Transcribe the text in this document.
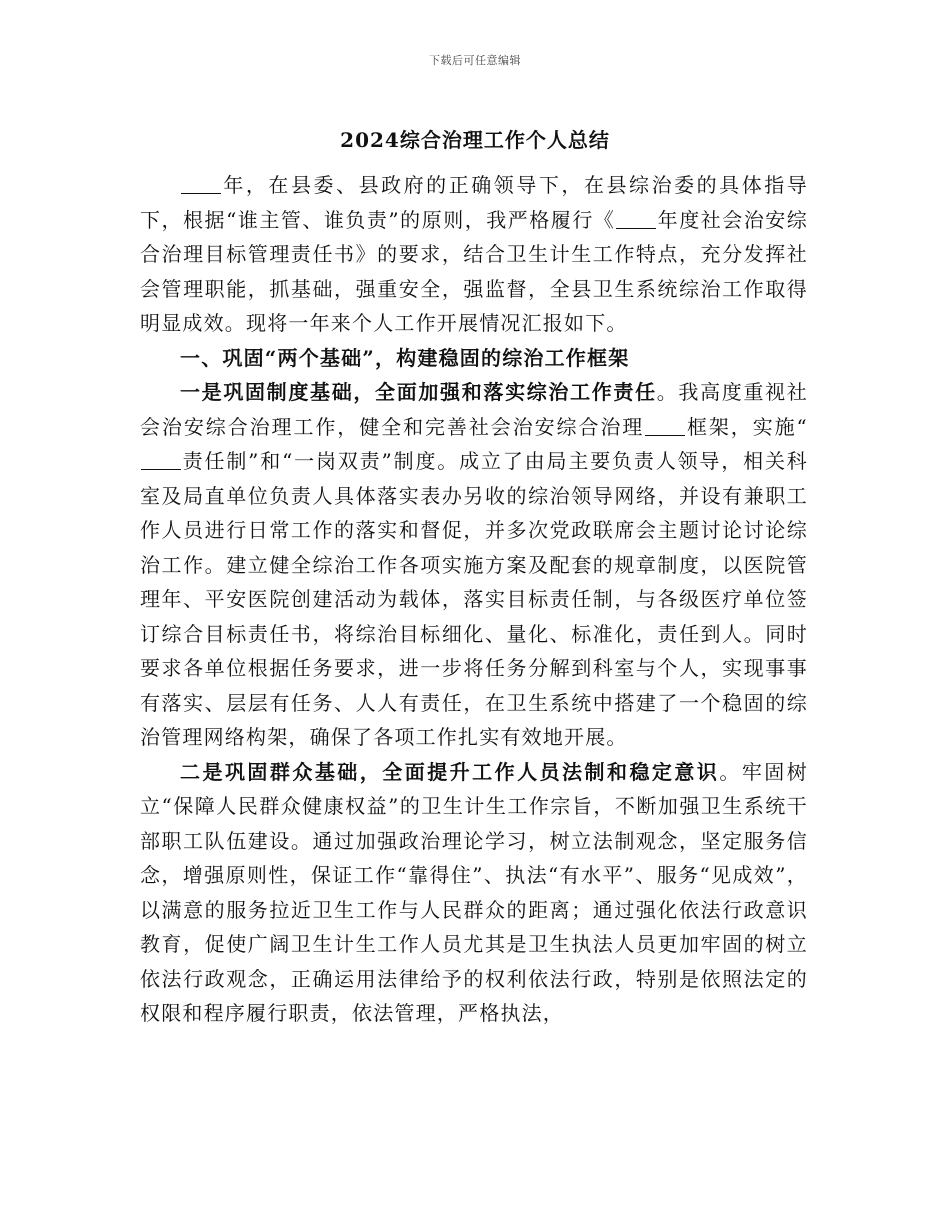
下载后可任意编辑
2024综合治理工作个人总结

年，在县委、县政府的正确领导下，在县综治委的具体指导下，根据“谁主管、谁负责”的原则，我严格履行《 年度社会治安综合治理目标管理责任书》的要求，结合卫生计生工作特点，充分发挥社会管理职能，抓基础，强重安全，强监督，全县卫生系统综治工作取得明显成效。现将一年来个人工作开展情况汇报如下。

一、巩固“两个基础”，构建稳固的综治工作框架

一是巩固制度基础，全面加强和落实综治工作责任。我高度重视社会治安综合治理工作，健全和完善社会治安综合治理 框架，实施“责任制”和“一岗双责”制度。成立了由局主要负责人领导，相关科室及局直单位负责人具体落实表办另收的综治领导网络，并设有兼职工作人员进行日常工作的落实和督促，并多次党政联席会主题讨论讨论综治工作。建立健全综治工作各项实施方案及配套的规章制度，以医院管理年、平安医院创建活动为载体，落实目标责任制，与各级医疗单位签订综合目标责任书，将综治目标细化、量化、标准化，责任到人。同时要求各单位根据任务要求，进一步将任务分解到科室与个人，实现事事有落实、层层有任务、人人有责任，在卫生系统中搭建了一个稳固的综治管理网络构架，确保了各项工作扎实有效地开展。

二是巩固群众基础，全面提升工作人员法制和稳定意识。牢固树立“保障人民群众健康权益”的卫生计生工作宗旨，不断加强卫生系统干部职工队伍建设。通过加强政治理论学习，树立法制观念，坚定服务信念，增强原则性，保证工作“靠得住”、执法“有水平”、服务“见成效”，以满意的服务拉近卫生工作与人民群众的距离；通过强化依法行政意识教育，促使广阔卫生计生工作人员尤其是卫生执法人员更加牢固的树立依法行政观念，正确运用法律给予的权利依法行政，特别是依照法定的权限和程序履行职责，依法管理，严格执法，
